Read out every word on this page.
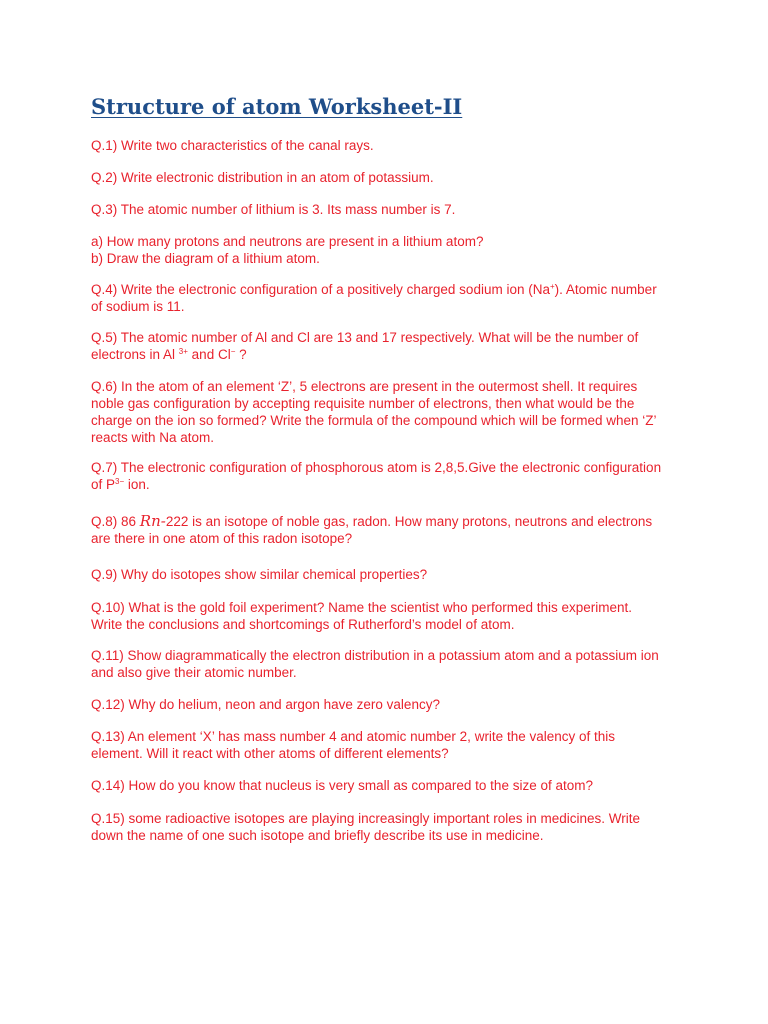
Structure of atom Worksheet-II

Q.1) Write two characteristics of the canal rays.

Q.2) Write electronic distribution in an atom of potassium.

Q.3) The atomic number of lithium is 3. Its mass number is 7.

a) How many protons and neutrons are present in a lithium atom?
b) Draw the diagram of a lithium atom.
Q.4) Write the electronic configuration of a positively charged sodium ion (Na+). Atomic number
of sodium is 11.
Q.5) The atomic number of Al and Cl are 13 and 17 respectively. What will be the number of
electrons in Al $^{3+}$ and Cl− ?
Q.6) In the atom of an element ‘Z’, 5 electrons are present in the outermost shell. It requires
noble gas configuration by accepting requisite number of electrons, then what would be the
charge on the ion so formed? Write the formula of the compound which will be formed when ‘Z’
reacts with Na atom.
Q.7) The electronic configuration of phosphorous atom is 2,8,5.Give the electronic configuration
of $P^{3-}$ ion.
Q.8) 86 Rn-222 is an isotope of noble gas, radon. How many protons, neutrons and electrons
are there in one atom of this radon isotope?

Q.9) Why do isotopes show similar chemical properties?

Q.10) What is the gold foil experiment? Name the scientist who performed this experiment.
Write the conclusions and shortcomings of Rutherford’s model of atom.
Q.11) Show diagrammatically the electron distribution in a potassium atom and a potassium ion
and also give their atomic number.

Q.12) Why do helium, neon and argon have zero valency?

Q.13) An element ‘X’ has mass number 4 and atomic number 2, write the valency of this
element. Will it react with other atoms of different elements?

Q.14) How do you know that nucleus is very small as compared to the size of atom?

Q.15) some radioactive isotopes are playing increasingly important roles in medicines. Write
down the name of one such isotope and briefly describe its use in medicine.
